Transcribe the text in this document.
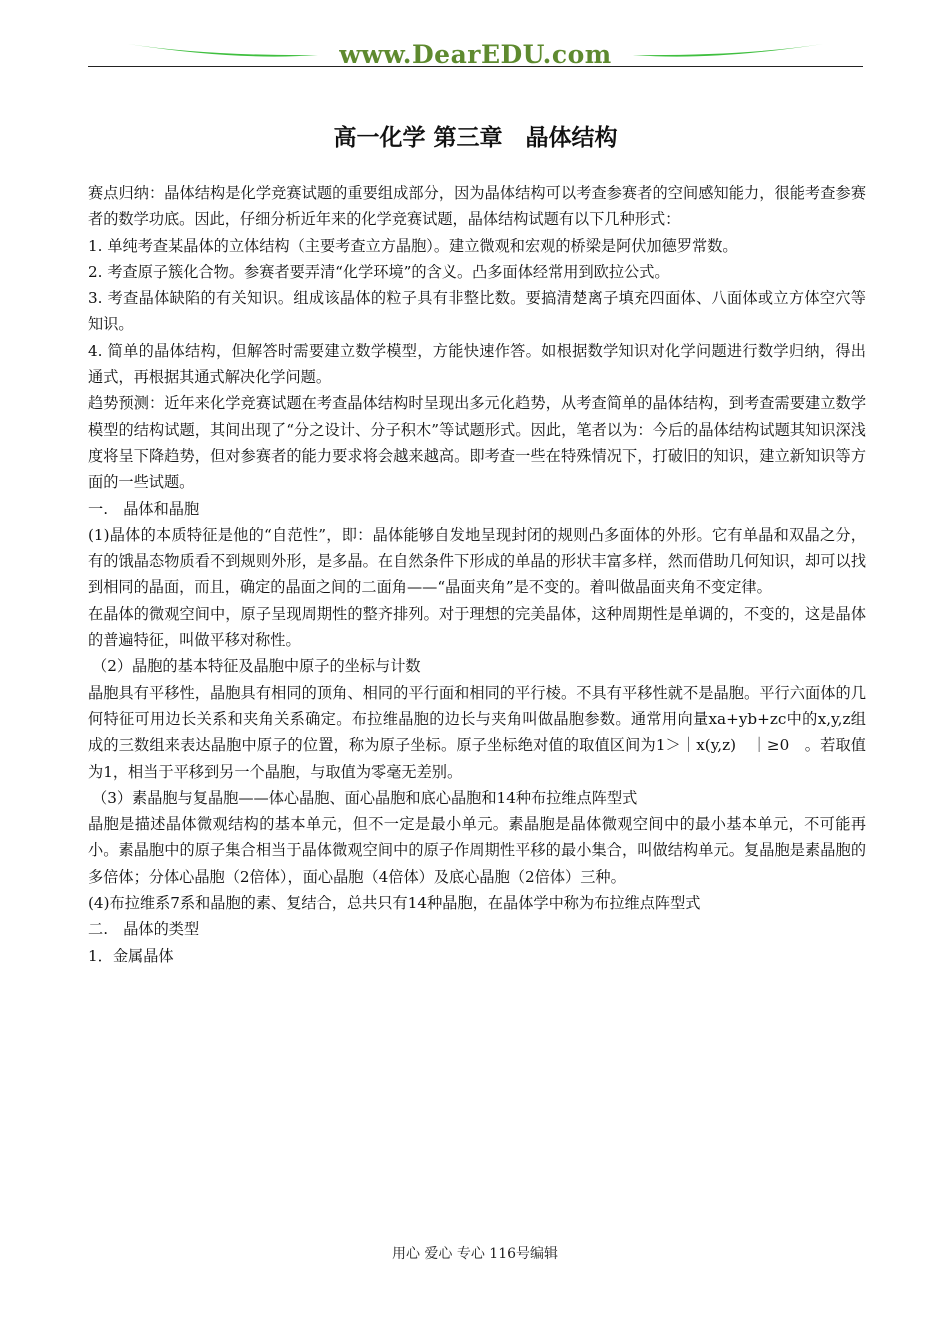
www.DearEDU.com
高一化学 第三章　晶体结构

赛点归纳：晶体结构是化学竞赛试题的重要组成部分，因为晶体结构可以考查参赛者的空间感知能力，很能考查参赛者的数学功底。因此，仔细分析近年来的化学竞赛试题，晶体结构试题有以下几种形式：

1. 单纯考查某晶体的立体结构（主要考查立方晶胞）。建立微观和宏观的桥梁是阿伏加德罗常数。

2. 考查原子簇化合物。参赛者要弄清“化学环境”的含义。凸多面体经常用到欧拉公式。

3. 考查晶体缺陷的有关知识。组成该晶体的粒子具有非整比数。要搞清楚离子填充四面体、八面体或立方体空穴等知识。

4. 简单的晶体结构，但解答时需要建立数学模型，方能快速作答。如根据数学知识对化学问题进行数学归纳，得出通式，再根据其通式解决化学问题。

趋势预测：近年来化学竞赛试题在考查晶体结构时呈现出多元化趋势，从考查简单的晶体结构，到考查需要建立数学模型的结构试题，其间出现了“分之设计、分子积木”等试题形式。因此，笔者以为：今后的晶体结构试题其知识深浅度将呈下降趋势，但对参赛者的能力要求将会越来越高。即考查一些在特殊情况下，打破旧的知识，建立新知识等方面的一些试题。

一.　晶体和晶胞

(1)晶体的本质特征是他的“自范性”，即：晶体能够自发地呈现封闭的规则凸多面体的外形。它有单晶和双晶之分，有的饿晶态物质看不到规则外形，是多晶。在自然条件下形成的单晶的形状丰富多样，然而借助几何知识，却可以找到相同的晶面，而且，确定的晶面之间的二面角——“晶面夹角”是不变的。着叫做晶面夹角不变定律。

在晶体的微观空间中，原子呈现周期性的整齐排列。对于理想的完美晶体，这种周期性是单调的，不变的，这是晶体的普遍特征，叫做平移对称性。

（2）晶胞的基本特征及晶胞中原子的坐标与计数

晶胞具有平移性，晶胞具有相同的顶角、相同的平行面和相同的平行棱。不具有平移性就不是晶胞。平行六面体的几何特征可用边长关系和夹角关系确定。布拉维晶胞的边长与夹角叫做晶胞参数。通常用向量xa+yb+zc中的x,y,z组成的三数组来表达晶胞中原子的位置，称为原子坐标。原子坐标绝对值的取值区间为1＞｜x(y,z)　｜≥0　。若取值为1，相当于平移到另一个晶胞，与取值为零毫无差别。

（3）素晶胞与复晶胞——体心晶胞、面心晶胞和底心晶胞和14种布拉维点阵型式

晶胞是描述晶体微观结构的基本单元，但不一定是最小单元。素晶胞是晶体微观空间中的最小基本单元，不可能再小。素晶胞中的原子集合相当于晶体微观空间中的原子作周期性平移的最小集合，叫做结构单元。复晶胞是素晶胞的多倍体；分体心晶胞（2倍体），面心晶胞（4倍体）及底心晶胞（2倍体）三种。

(4)布拉维系7系和晶胞的素、复结合，总共只有14种晶胞，在晶体学中称为布拉维点阵型式

二.　晶体的类型

1．金属晶体

用心 爱心 专心 116号编辑
